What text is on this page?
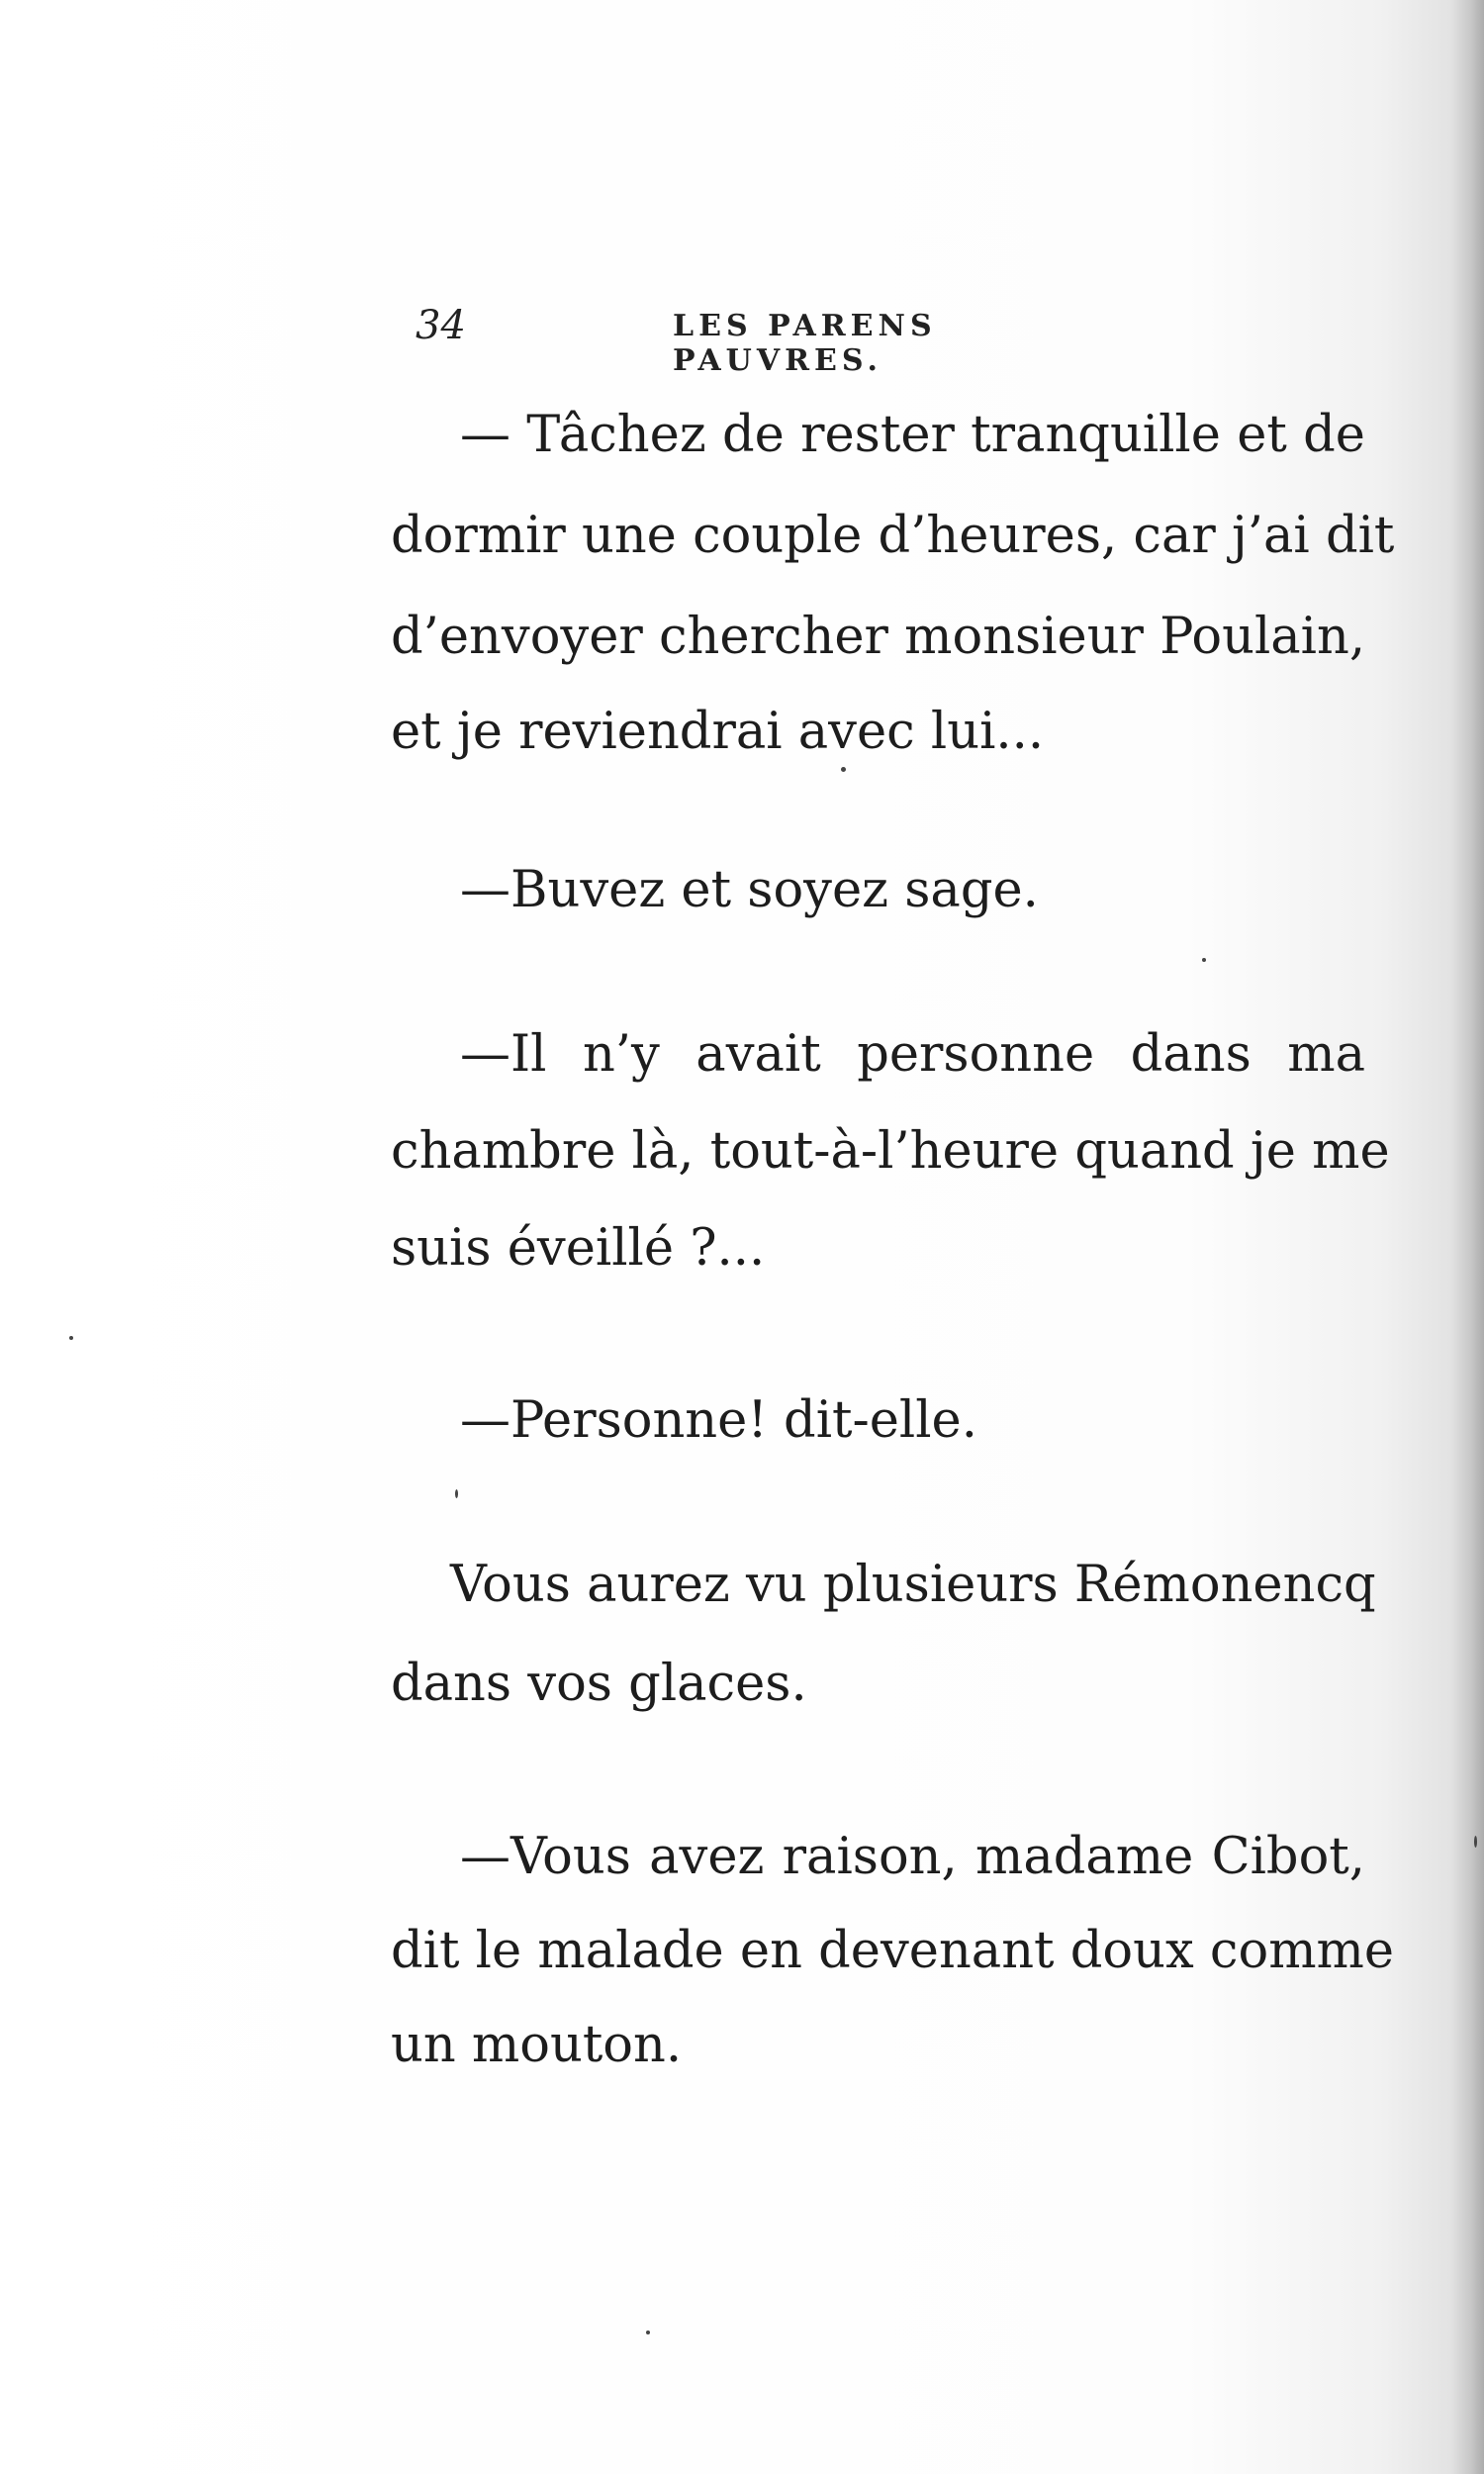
34	LES PARENS PAUVRES.
— Tâchez de rester tranquille et de
dormir une couple d’heures, car j’ai dit
d’envoyer chercher monsieur Poulain,
et je reviendrai avec lui...
—Buvez et soyez sage.
—Il n’y avait personne dans ma
chambre là, tout-à-l’heure quand je me
suis éveillé ?...
—Personne! dit-elle.
Vous aurez vu plusieurs Rémonencq
dans vos glaces.
—Vous avez raison, madame Cibot,
dit le malade en devenant doux comme
un mouton.
